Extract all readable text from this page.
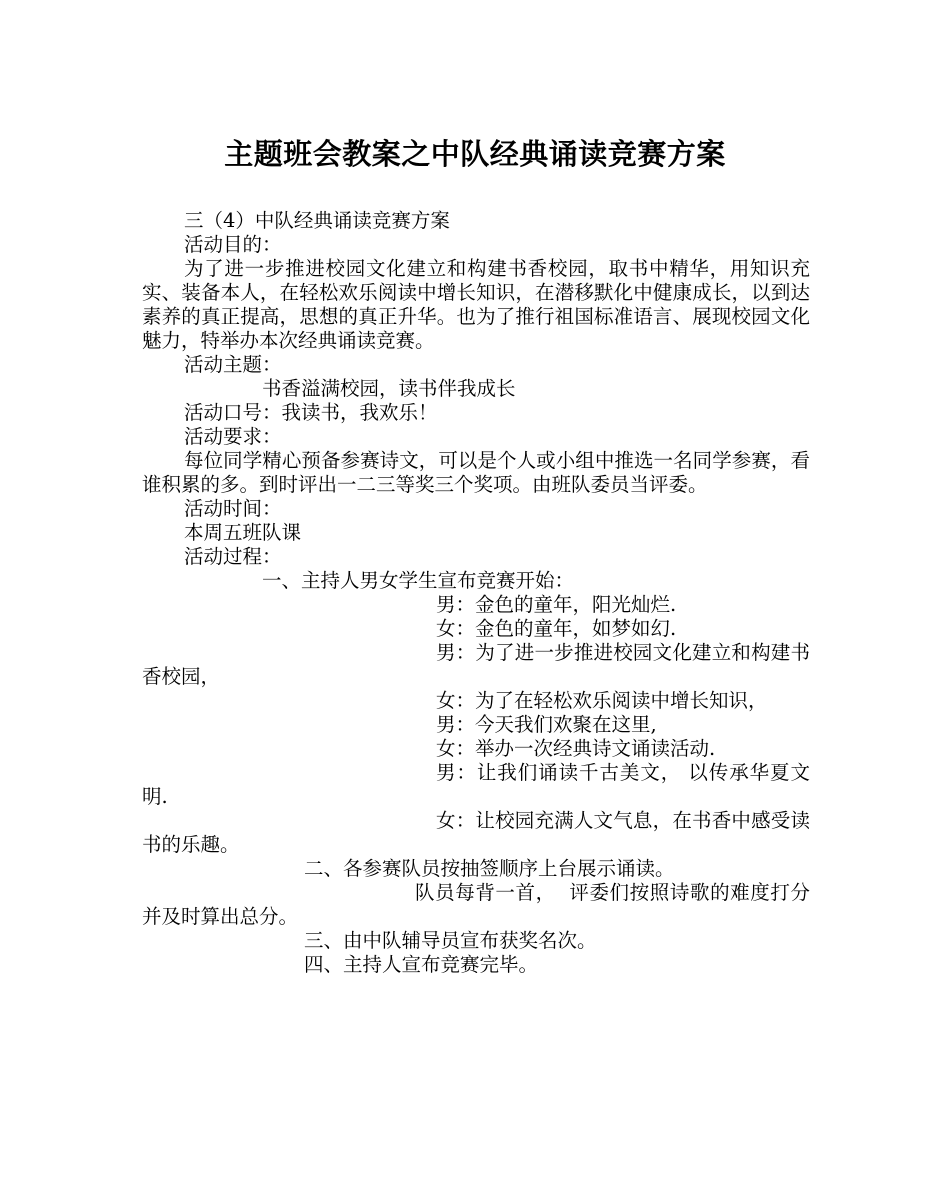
主题班会教案之中队经典诵读竞赛方案

三（4）中队经典诵读竞赛方案

活动目的：

为了进一步推进校园文化建立和构建书香校园，取书中精华，用知识充实、装备本人，在轻松欢乐阅读中增长知识，在潜移默化中健康成长，以到达素养的真正提高，思想的真正升华。也为了推行祖国标准语言、展现校园文化魅力，特举办本次经典诵读竞赛。

活动主题：

书香溢满校园，读书伴我成长

活动口号：我读书，我欢乐！

活动要求：

每位同学精心预备参赛诗文，可以是个人或小组中推选一名同学参赛，看谁积累的多。到时评出一二三等奖三个奖项。由班队委员当评委。

活动时间：

本周五班队课

活动过程：

一、主持人男女学生宣布竞赛开始：

男：金色的童年，阳光灿烂.

女：金色的童年，如梦如幻.

男：为了进一步推进校园文化建立和构建书香校园，

女：为了在轻松欢乐阅读中增长知识，

男：今天我们欢聚在这里,

女：举办一次经典诗文诵读活动.

男：让我们诵读千古美文， 以传承华夏文明.

女：让校园充满人文气息，在书香中感受读书的乐趣。

二、各参赛队员按抽签顺序上台展示诵读。

队员每背一首，  评委们按照诗歌的难度打分并及时算出总分。

三、由中队辅导员宣布获奖名次。

四、主持人宣布竞赛完毕。
